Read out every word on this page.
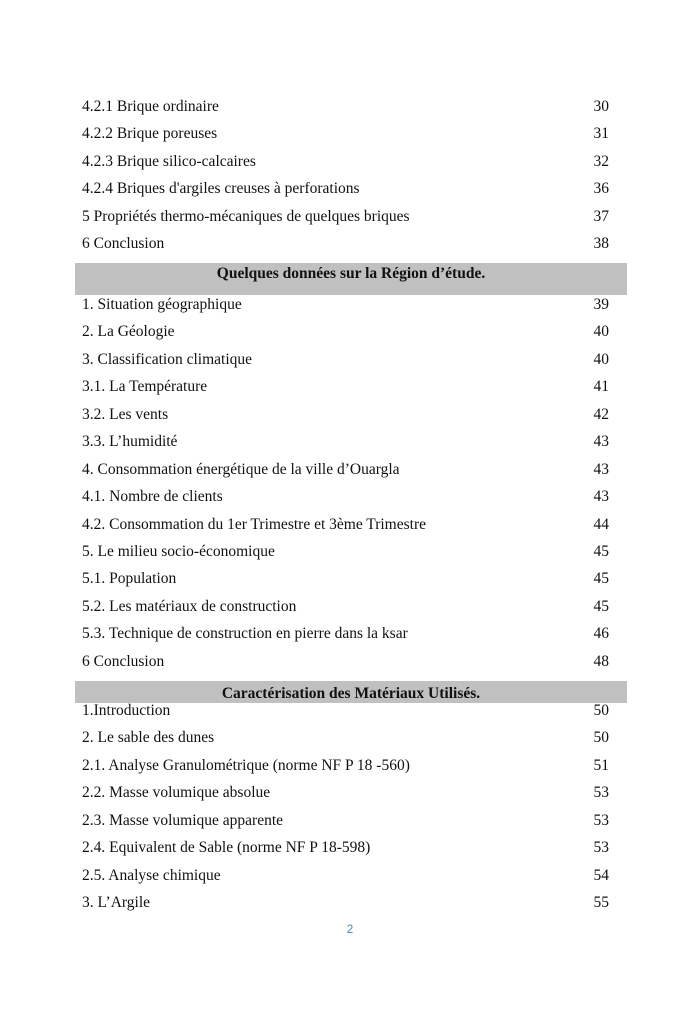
4.2.1 Brique ordinaire	30
4.2.2 Brique poreuses	31
4.2.3 Brique silico-calcaires	32
4.2.4 Briques d'argiles creuses à perforations	36
5 Propriétés thermo-mécaniques de quelques briques	37
6 Conclusion	38
Quelques données sur la Région d’étude.
1. Situation géographique	39
2. La Géologie	40
3. Classification climatique	40
3.1. La Température	41
3.2. Les vents	42
3.3. L’humidité	43
4. Consommation énergétique de la ville d’Ouargla	43
4.1. Nombre de clients	43
4.2. Consommation du 1er Trimestre et 3ème Trimestre	44
5. Le milieu socio-économique	45
5.1. Population	45
5.2. Les matériaux de construction	45
5.3. Technique de construction en pierre dans la ksar	46
6 Conclusion	48
Caractérisation des Matériaux Utilisés.
1.Introduction	50
2. Le sable des dunes	50
2.1. Analyse Granulométrique (norme NF P 18 -560)	51
2.2. Masse volumique absolue	53
2.3. Masse volumique apparente	53
2.4. Equivalent de Sable (norme NF P 18-598)	53
2.5. Analyse chimique	54
3. L’Argile	55
2
